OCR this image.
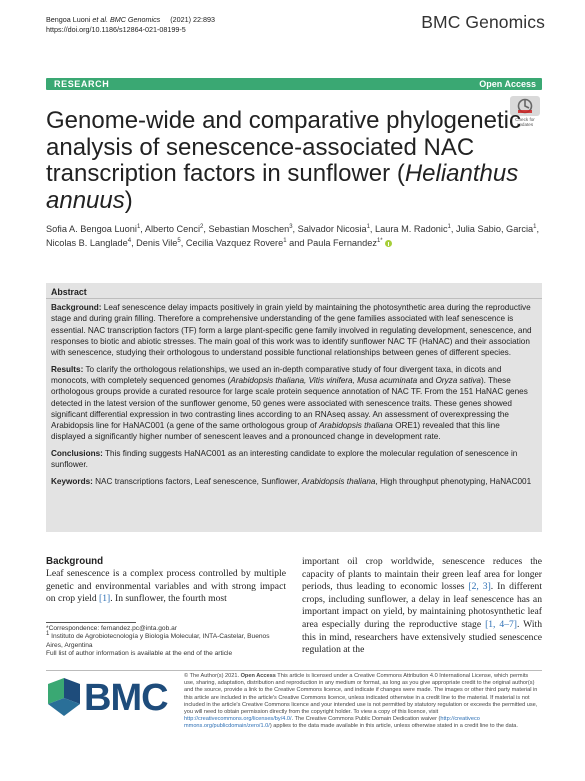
Bengoa Luoni et al. BMC Genomics (2021) 22:893
https://doi.org/10.1186/s12864-021-08199-5	BMC Genomics
RESEARCH	Open Access
Check for
updates
Genome-wide and comparative phylogenetic analysis of senescence-associated NAC transcription factors in sunflower (Helianthus annuus)
Sofia A. Bengoa Luoni$^1$, Alberto Cenci$^2$, Sebastian Moschen$^3$, Salvador Nicosia$^1$, Laura M. Radonic$^1$, Julia Sabio, Garcia$^1$, Nicolas B. Langlade$^4$, Denis Vile$^5$, Cecilia Vazquez Rovere$^1$ and Paula Fernandez$^{1*}$
Abstract

Background: Leaf senescence delay impacts positively in grain yield by maintaining the photosynthetic area during the reproductive stage and during grain filling. Therefore a comprehensive understanding of the gene families associated with leaf senescence is essential. NAC transcription factors (TF) form a large plant-specific gene family involved in regulating development, senescence, and responses to biotic and abiotic stresses. The main goal of this work was to identify sunflower NAC TF (HaNAC) and their association with senescence, studying their orthologous to understand possible functional relationships between genes of different species.

Results: To clarify the orthologous relationships, we used an in-depth comparative study of four divergent taxa, in dicots and monocots, with completely sequenced genomes (Arabidopsis thaliana, Vitis vinifera, Musa acuminata and Oryza sativa). These orthologous groups provide a curated resource for large scale protein sequence annotation of NAC TF. From the 151 HaNAC genes detected in the latest version of the sunflower genome, 50 genes were associated with senescence traits. These genes showed significant differential expression in two contrasting lines according to an RNAseq assay. An assessment of overexpressing the Arabidopsis line for HaNAC001 (a gene of the same orthologous group of Arabidopsis thaliana ORE1) revealed that this line displayed a significantly higher number of senescent leaves and a pronounced change in development rate.

Conclusions: This finding suggests HaNAC001 as an interesting candidate to explore the molecular regulation of senescence in sunflower.

Keywords: NAC transcriptions factors, Leaf senescence, Sunflower, Arabidopsis thaliana, High throughput phenotyping, HaNAC001

Background
Leaf senescence is a complex process controlled by multiple genetic and environmental variables and with strong impact on crop yield [1]. In sunflower, the fourth most
important oil crop worldwide, senescence reduces the capacity of plants to maintain their green leaf area for longer periods, thus leading to economic losses [2, 3]. In different crops, including sunflower, a delay in leaf senescence has an important impact on yield, by maintaining photosynthetic leaf area especially during the reproductive stage [1, 4–7]. With this in mind, researchers have extensively studied senescence regulation at the
*Correspondence: fernandez.pc@inta.gob.ar
$^1$ Instituto de Agrobiotecnología y Biología Molecular, INTA-Castelar, Buenos Aires, Argentina
Full list of author information is available at the end of the article
BMC
© The Author(s) 2021. Open Access This article is licensed under a Creative Commons Attribution 4.0 International License, which permits use, sharing, adaptation, distribution and reproduction in any medium or format, as long as you give appropriate credit to the original author(s) and the source, provide a link to the Creative Commons licence, and indicate if changes were made. The images or other third party material in this article are included in the article's Creative Commons licence, unless indicated otherwise in a credit line to the material. If material is not included in the article's Creative Commons licence and your intended use is not permitted by statutory regulation or exceeds the permitted use, you will need to obtain permission directly from the copyright holder. To view a copy of this licence, visit http://creativecommons.org/licenses/by/4.0/. The Creative Commons Public Domain Dedication waiver (http://creativeco mmons.org/publicdomain/zero/1.0/) applies to the data made available in this article, unless otherwise stated in a credit line to the data.
